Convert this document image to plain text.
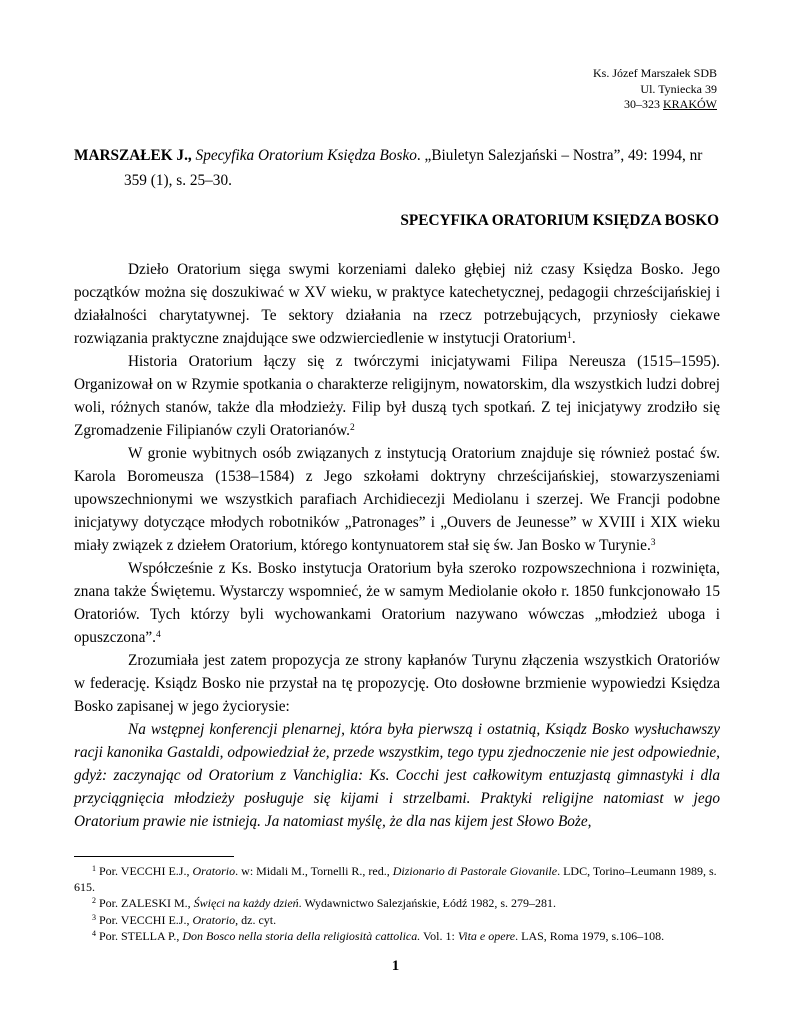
Ks. Józef Marszałek SDB
Ul. Tyniecka 39
30–323 KRAKÓW
MARSZAŁEK J., Specyfika Oratorium Księdza Bosko. „Biuletyn Salezjański – Nostra”, 49: 1994, nr 359 (1), s. 25–30.
SPECYFIKA ORATORIUM KSIĘDZA BOSKO

Dzieło Oratorium sięga swymi korzeniami daleko głębiej niż czasy Księdza Bosko. Jego początków można się doszukiwać w XV wieku, w praktyce katechetycznej, pedagogii chrześcijańskiej i działalności charytatywnej. Te sektory działania na rzecz potrzebujących, przyniosły ciekawe rozwiązania praktyczne znajdujące swe odzwierciedlenie w instytucji Oratorium$^1$.

Historia Oratorium łączy się z twórczymi inicjatywami Filipa Nereusza (1515–1595). Organizował on w Rzymie spotkania o charakterze religijnym, nowatorskim, dla wszystkich ludzi dobrej woli, różnych stanów, także dla młodzieży. Filip był duszą tych spotkań. Z tej inicjatywy zrodziło się Zgromadzenie Filipianów czyli Oratorianów.$^2$

W gronie wybitnych osób związanych z instytucją Oratorium znajduje się również postać św. Karola Boromeusza (1538–1584) z Jego szkołami doktryny chrześcijańskiej, stowarzyszeniami upowszechnionymi we wszystkich parafiach Archidiecezji Mediolanu i szerzej. We Francji podobne inicjatywy dotyczące młodych robotników „Patronages” i „Ouvers de Jeunesse” w XVIII i XIX wieku miały związek z dziełem Oratorium, którego kontynuatorem stał się św. Jan Bosko w Turynie.$^3$

Współcześnie z Ks. Bosko instytucja Oratorium była szeroko rozpowszechniona i rozwinięta, znana także Świętemu. Wystarczy wspomnieć, że w samym Mediolanie około r. 1850 funkcjonowało 15 Oratoriów. Tych którzy byli wychowankami Oratorium nazywano wówczas „młodzież uboga i opuszczona”.$^4$

Zrozumiała jest zatem propozycja ze strony kapłanów Turynu złączenia wszystkich Oratoriów w federację. Ksiądz Bosko nie przystał na tę propozycję. Oto dosłowne brzmienie wypowiedzi Księdza Bosko zapisanej w jego życiorysie:

Na wstępnej konferencji plenarnej, która była pierwszą i ostatnią, Ksiądz Bosko wysłuchawszy racji kanonika Gastaldi, odpowiedział że, przede wszystkim, tego typu zjednoczenie nie jest odpowiednie, gdyż: zaczynając od Oratorium z Vanchiglia: Ks. Cocchi jest całkowitym entuzjastą gimnastyki i dla przyciągnięcia młodzieży posługuje się kijami i strzelbami. Praktyki religijne natomiast w jego Oratorium prawie nie istnieją. Ja natomiast myślę, że dla nas kijem jest Słowo Boże,

$^1$ Por. VECCHI E.J., Oratorio. w: Midali M., Tornelli R., red., Dizionario di Pastorale Giovanile. LDC, Torino–Leumann 1989, s. 615.

$^2$ Por. ZALESKI M., Święci na każdy dzień. Wydawnictwo Salezjańskie, Łódź 1982, s. 279–281.

$^3$ Por. VECCHI E.J., Oratorio, dz. cyt.

$^4$ Por. STELLA P., Don Bosco nella storia della religiosità cattolica. Vol. 1: Vita e opere. LAS, Roma 1979, s.106–108.

1
